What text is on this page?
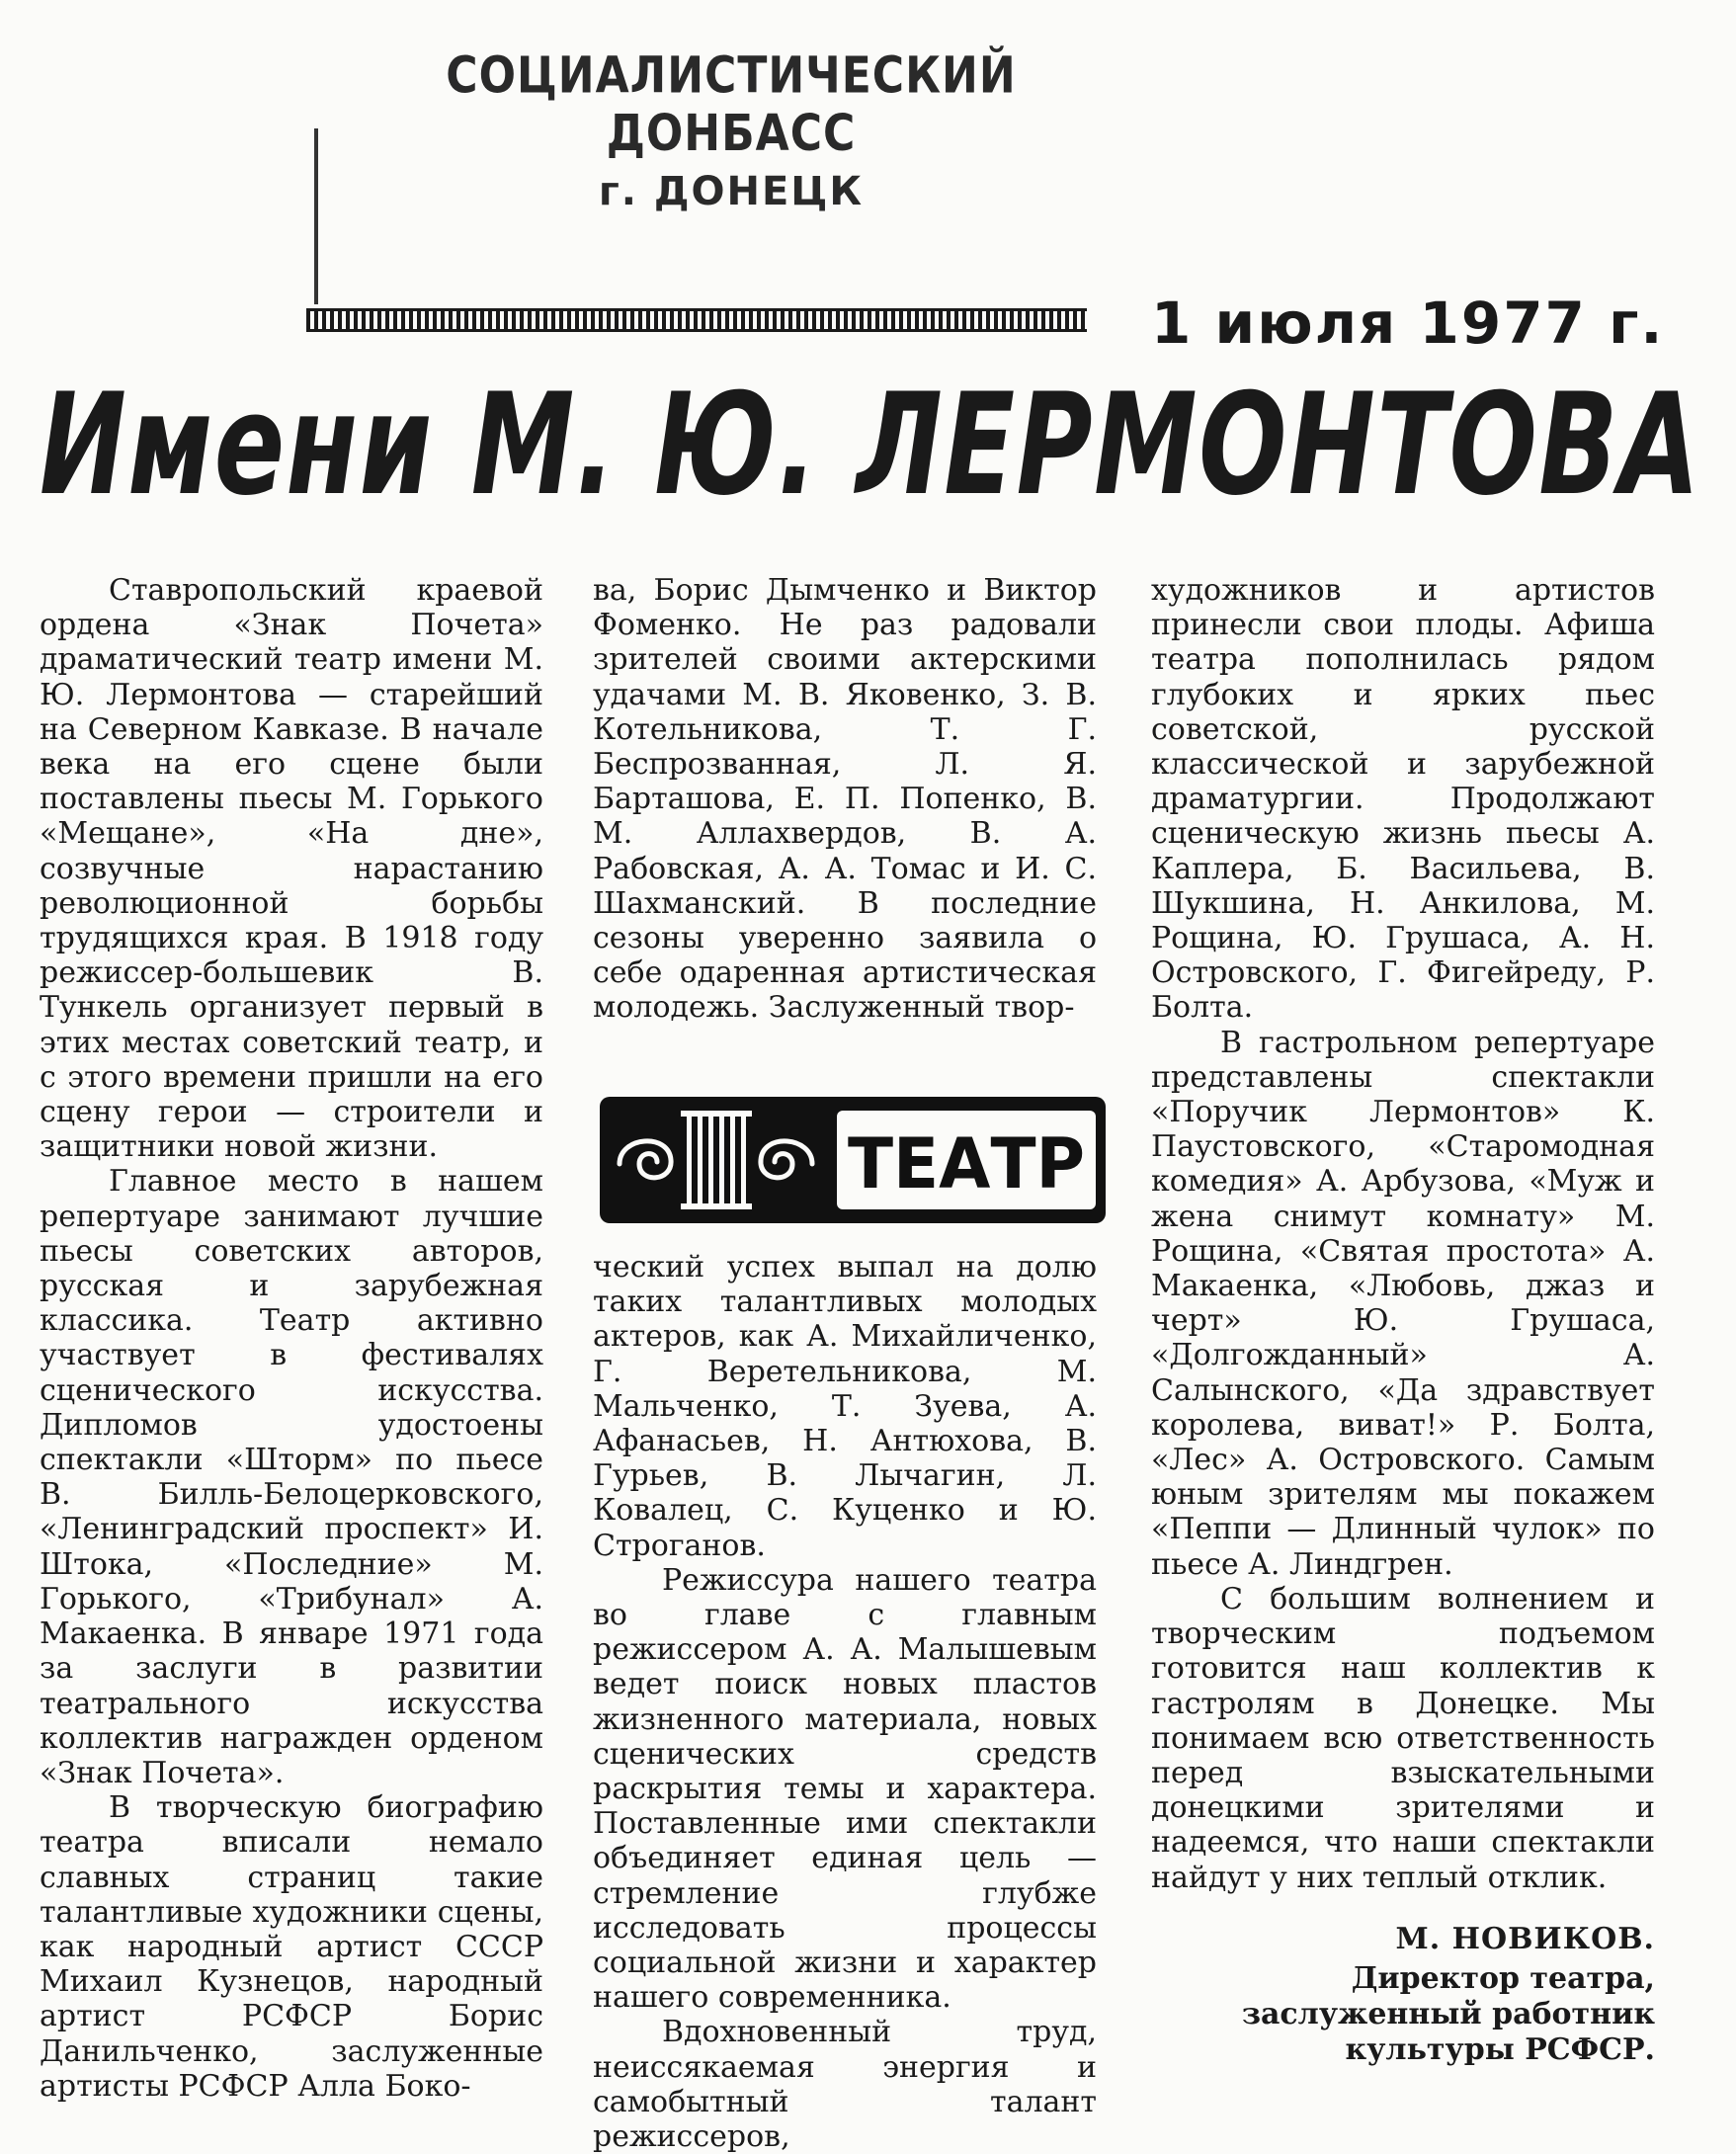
СОЦИАЛИСТИЧЕСКИЙ ДОНБАСС
г. ДОНЕЦК
1 июля 1977 г.
Имени М. Ю. ЛЕРМОНТОВА

Ставропольский краевой ордена «Знак Почета» драматический театр имени М. Ю. Лермонтова — старейший на Северном Кавказе. В начале века на его сцене были поставлены пьесы М. Горького «Мещане», «На дне», созвучные нарастанию революционной борьбы трудящихся края. В 1918 году режиссер-большевик В. Тункель организует первый в этих местах советский театр, и с этого времени пришли на его сцену герои — строители и защитники новой жизни.

Главное место в нашем репертуаре занимают лучшие пьесы советских авторов, русская и зарубежная классика. Театр активно участвует в фестивалях сценического искусства. Дипломов удостоены спектакли «Шторм» по пьесе В. Билль-Белоцерковского, «Ленинградский проспект» И. Штока, «Последние» М. Горького, «Трибунал» А. Макаенка. В январе 1971 года за заслуги в развитии театрального искусства коллектив награжден орденом «Знак Почета».

В творческую биографию театра вписали немало славных страниц такие талантливые художники сцены, как народный артист СССР Михаил Кузнецов, народный артист РСФСР Борис Данильченко, заслуженные артисты РСФСР Алла Боко-

ва, Борис Дымченко и Виктор Фоменко. Не раз радовали зрителей своими актерскими удачами М. В. Яковенко, З. В. Котельникова, Т. Г. Беспрозванная, Л. Я. Барташова, Е. П. Попенко, В. М. Аллахвердов, В. А. Рабовская, А. А. Томас и И. С. Шахманский. В последние сезоны уверенно заявила о себе одаренная артистическая молодежь. Заслуженный твор-

ТЕАТР

ческий успех выпал на долю таких талантливых молодых актеров, как А. Михайличенко, Г. Веретельникова, М. Мальченко, Т. Зуева, А. Афанасьев, Н. Антюхова, В. Гурьев, В. Лычагин, Л. Ковалец, С. Куценко и Ю. Строганов.

Режиссура нашего театра во главе с главным режиссером А. А. Малышевым ведет поиск новых пластов жизненного материала, новых сценических средств раскрытия темы и характера. Поставленные ими спектакли объединяет единая цель — стремление глубже исследовать процессы социальной жизни и характер нашего современника.

Вдохновенный труд, неиссякаемая энергия и самобытный талант режиссеров,

художников и артистов принесли свои плоды. Афиша театра пополнилась рядом глубоких и ярких пьес советской, русской классической и зарубежной драматургии. Продолжают сценическую жизнь пьесы А. Каплера, Б. Васильева, В. Шукшина, Н. Анкилова, М. Рощина, Ю. Грушаса, А. Н. Островского, Г. Фигейреду, Р. Болта.

В гастрольном репертуаре представлены спектакли «Поручик Лермонтов» К. Паустовского, «Старомодная комедия» А. Арбузова, «Муж и жена снимут комнату» М. Рощина, «Святая простота» А. Макаенка, «Любовь, джаз и черт» Ю. Грушаса, «Долгожданный» А. Салынского, «Да здравствует королева, виват!» Р. Болта, «Лес» А. Островского. Самым юным зрителям мы покажем «Пеппи — Длинный чулок» по пьесе А. Линдгрен.

С большим волнением и творческим подъемом готовится наш коллектив к гастролям в Донецке. Мы понимаем всю ответственность перед взыскательными донецкими зрителями и надеемся, что наши спектакли найдут у них теплый отклик.

М. НОВИКОВ.
Директор театра, заслуженный работник культуры РСФСР.
